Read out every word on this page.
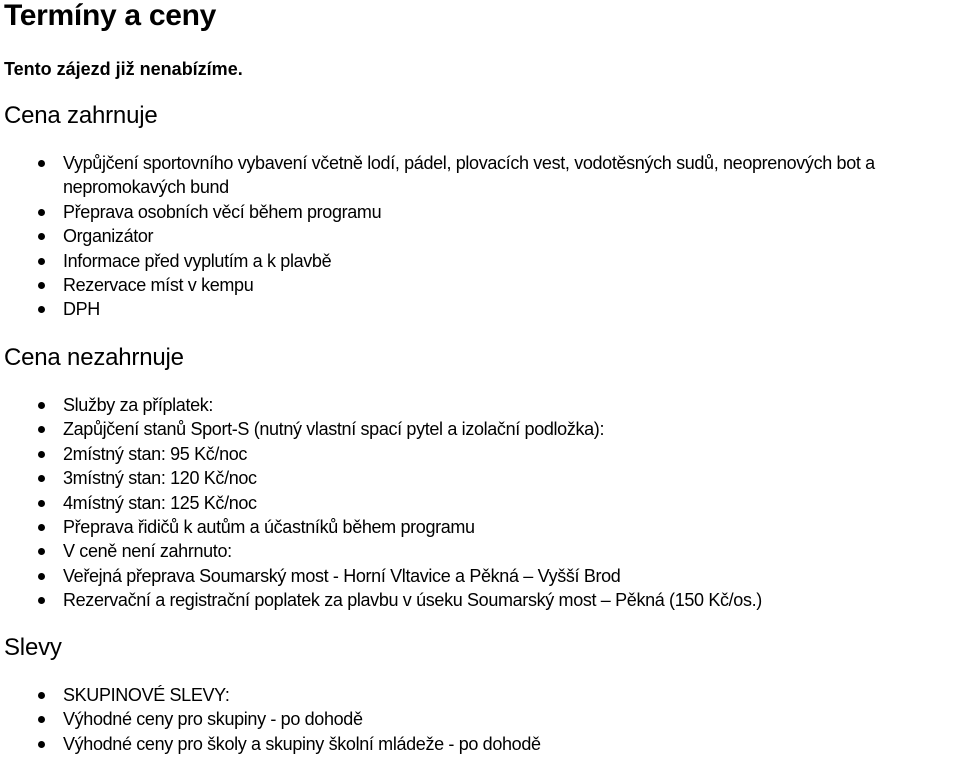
Termíny a ceny

Tento zájezd již nenabízíme.

Cena zahrnuje
Vypůjčení sportovního vybavení včetně lodí, pádel, plovacích vest, vodotěsných sudů, neoprenových bot a nepromokavých bund
Přeprava osobních věcí během programu
Organizátor
Informace před vyplutím a k plavbě
Rezervace míst v kempu
DPH
Cena nezahrnuje
Služby za příplatek:
Zapůjčení stanů Sport-S (nutný vlastní spací pytel a izolační podložka):
2místný stan: 95 Kč/noc
3místný stan: 120 Kč/noc
4místný stan: 125 Kč/noc
Přeprava řidičů k autům a účastníků během programu
V ceně není zahrnuto:
Veřejná přeprava Soumarský most - Horní Vltavice a Pěkná – Vyšší Brod
Rezervační a registrační poplatek za plavbu v úseku Soumarský most – Pěkná (150 Kč/os.)
Slevy
SKUPINOVÉ SLEVY:
Výhodné ceny pro skupiny - po dohodě
Výhodné ceny pro školy a skupiny školní mládeže - po dohodě
